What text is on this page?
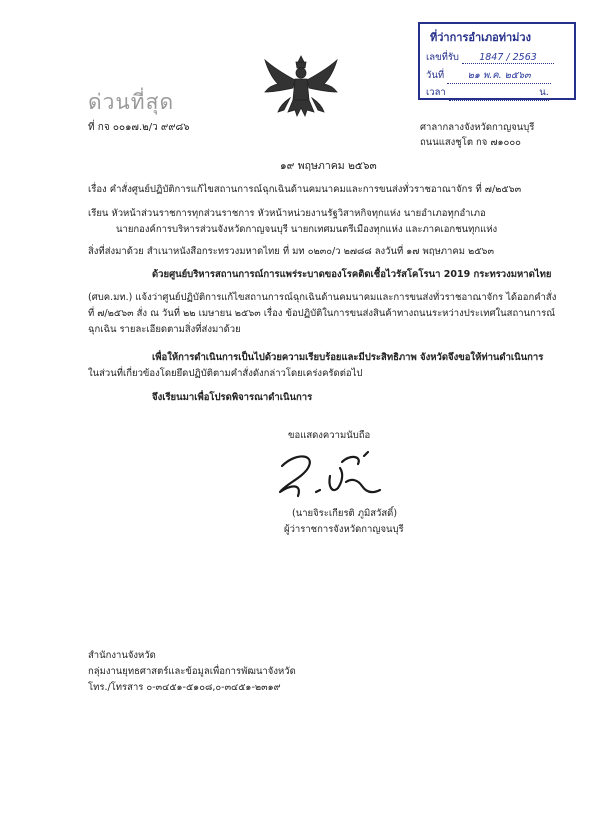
ที่ว่าการอำเภอท่าม่วง
เลขที่รับ 1847 / 2563
วันที่ ๒๑ พ.ค. ๒๕๖๓
เวลา	น.
ด่วนที่สุด
ที่ กจ ๐๐๑๗.๒/ว ๙๙๘๖	ศาลากลางจังหวัดกาญจนบุรี
ถนนแสงชูโต กจ ๗๑๐๐๐
๑๙ พฤษภาคม ๒๕๖๓
เรื่อง คำสั่งศูนย์ปฏิบัติการแก้ไขสถานการณ์ฉุกเฉินด้านคมนาคมและการขนส่งทั่วราชอาณาจักร ที่ ๗/๒๕๖๓
เรียน หัวหน้าส่วนราชการทุกส่วนราชการ หัวหน้าหน่วยงานรัฐวิสาหกิจทุกแห่ง นายอำเภอทุกอำเภอ
นายกองค์การบริหารส่วนจังหวัดกาญจนบุรี นายกเทศมนตรีเมืองทุกแห่ง และภาคเอกชนทุกแห่ง
สิ่งที่ส่งมาด้วย สำเนาหนังสือกระทรวงมหาดไทย ที่ มท ๐๒๓๐/ว ๒๗๘๘ ลงวันที่ ๑๗ พฤษภาคม ๒๕๖๓
ด้วยศูนย์บริหารสถานการณ์การแพร่ระบาดของโรคติดเชื้อไวรัสโคโรนา 2019 กระทรวงมหาดไทย
(ศบค.มท.) แจ้งว่าศูนย์ปฏิบัติการแก้ไขสถานการณ์ฉุกเฉินด้านคมนาคมและการขนส่งทั่วราชอาณาจักร ได้ออกคำสั่ง
ที่ ๗/๒๕๖๓ สั่ง ณ วันที่ ๒๒ เมษายน ๒๕๖๓ เรื่อง ข้อปฏิบัติในการขนส่งสินค้าทางถนนระหว่างประเทศในสถานการณ์
ฉุกเฉิน รายละเอียดตามสิ่งที่ส่งมาด้วย
เพื่อให้การดำเนินการเป็นไปด้วยความเรียบร้อยและมีประสิทธิภาพ จังหวัดจึงขอให้ท่านดำเนินการ
ในส่วนที่เกี่ยวข้องโดยยึดปฏิบัติตามคำสั่งดังกล่าวโดยเคร่งครัดต่อไป
จึงเรียนมาเพื่อโปรดพิจารณาดำเนินการ
ขอแสดงความนับถือ
(นายจิระเกียรติ ภูมิสวัสดิ์)
ผู้ว่าราชการจังหวัดกาญจนบุรี
สำนักงานจังหวัด
กลุ่มงานยุทธศาสตร์และข้อมูลเพื่อการพัฒนาจังหวัด
โทร./โทรสาร ๐-๓๔๕๑-๕๑๐๘,๐-๓๔๕๑-๒๓๑๙
